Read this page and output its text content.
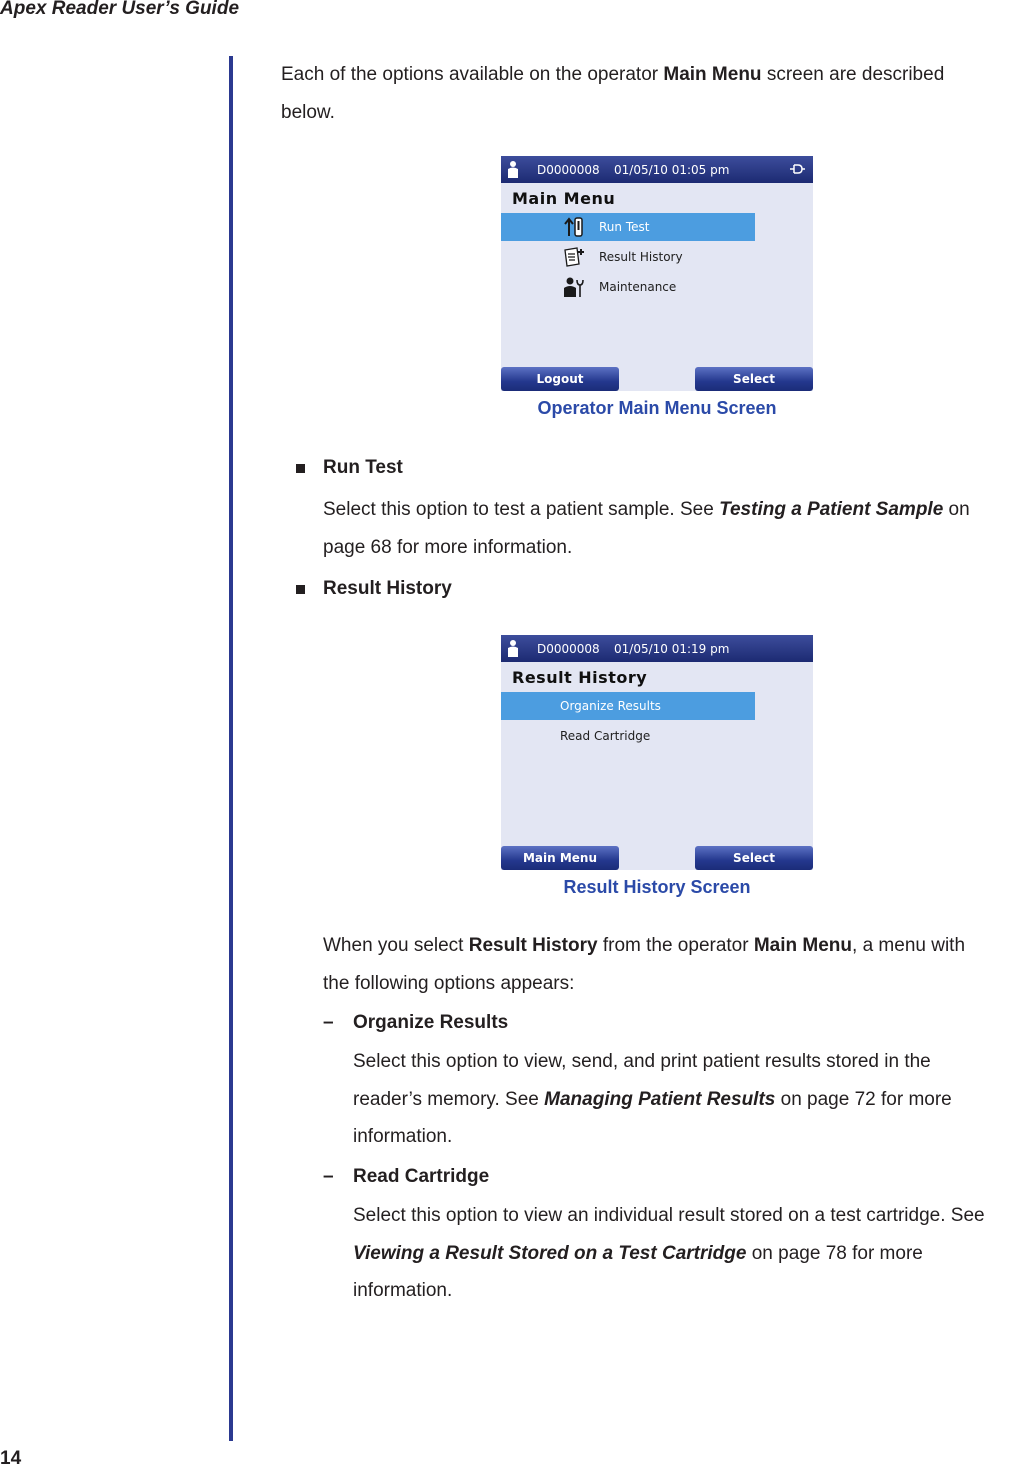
Apex Reader User’s Guide
Each of the options available on the operator Main Menu screen are described
below.
D0000008 01/05/10 01:05 pm
Main Menu
Run Test
Result History
Maintenance
Logout	Select
Operator Main Menu Screen
Run Test
Select this option to test a patient sample. See Testing a Patient Sample on
page 68 for more information.
Result History
D0000008 01/05/10 01:19 pm
Result History
Organize Results
Read Cartridge
Main Menu	Select
Result History Screen
When you select Result History from the operator Main Menu, a menu with
the following options appears:
– Organize Results
Select this option to view, send, and print patient results stored in the
reader’s memory. See Managing Patient Results on page 72 for more
information.
– Read Cartridge
Select this option to view an individual result stored on a test cartridge. See
Viewing a Result Stored on a Test Cartridge on page 78 for more
information.
14
